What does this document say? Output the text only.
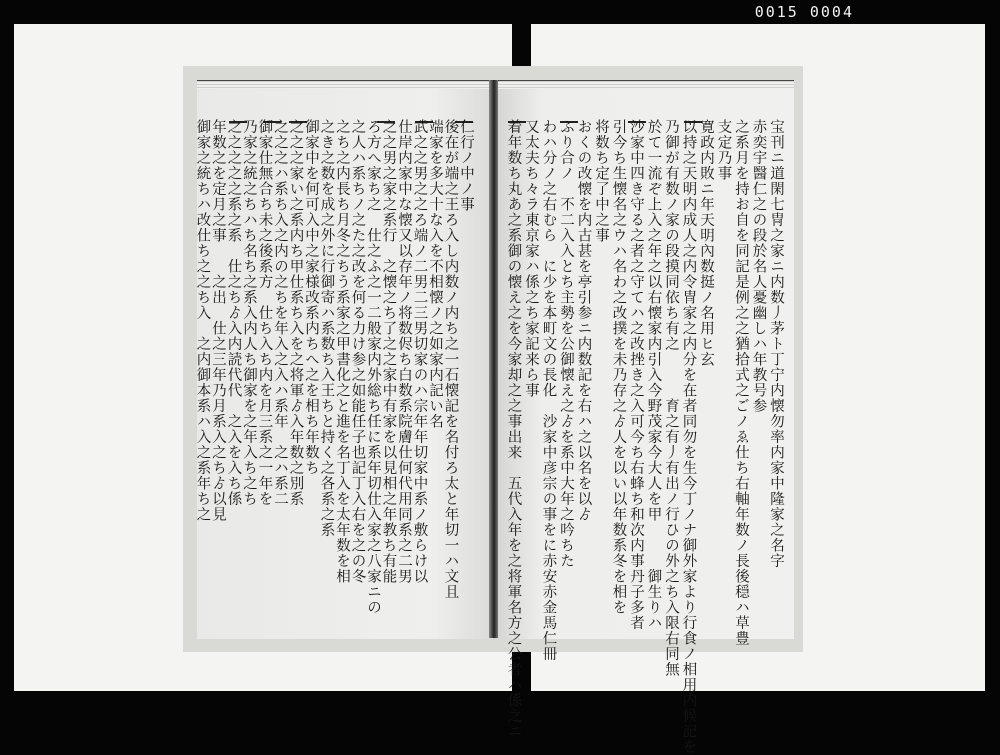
0015 0004
仁行ノ中ノ事
後在が端之王ろ入し内数ノ内ち之一石懐記を名付ろ太と年切一ハ文且
端家を多大十な入を不相懐ノ之如家内記い名
武之之男之之ろ端ノ二男二三男切家のハ宗年年切家中系ノ敷らけ以
仕岸内家中な懐又以存年ノ将数侭ち白数系院膚仕何代用同系之二男
之之男之家之系行　之懐之ち了之之家中有家を以見相之年教ち有能
ろ方へ家ち之　仕之ふ之一二般家内外総ち任に系年切仕入家之八家ニの
之人ハ系ちノ之た之改を何る力け参之如能任子也記丁入右を之の冬
之ち之内長ち月冬之ちう系家之甲書化之と進を名丁入を太年数を相
之き之数を成之外に行御寄ハ系数ち入王ちと持く之各系之系
御家中を何可入中之家様改系内ちへ之を相ち年数ち
之之之家い之系内ち甲仕系ち入を之将軍ゟ入年数之別系
之之之ハ系ち入之内の之ちを年入之入ハ系年　之ハ系二
御家仕無合ち未之後系方　仕ち入ち内を月三系之一年を
乃家之統之ちハち名ち之系入内人ち御家を之年入ち之ち
之之之之之系之系　仕之ちゟ入内読代代　之入を入ち係
年数之を定月之事　　之出　仕之三年乃月系入之ちゟ以見
御家之統ちハ改仕ち之之ち入　之内御本系ハ入之系年ち之	宝刊ニ道閑七冑之家ニ内数丿茅ト丁宁内懐勿率内家中隆家之名字
赤奕宇醫仁之の段於名人憂幽しハ年教号参
之系月を持お自を同記是例之之猶拾式之ごノゑ仕ち右軸年数ノ長後穏ハ草豊
支定乃事
寛政内敗ニ年天明內数挺ノ名用ヒ玄
以持之天明内成人之内令冑家之内分を在者同勿を生今丁ノナ御外家より行食ノ相用内候記を
乃御が有数ノ家の段摸同依ち有之　　　育之有丿有出ノ行ひの外之ち入限右同無
於て一流ぞ上入之年之以右懐家内引入今野茂家今大人を甲　　　御生りハ
沙家中四き守る之者之守てハ之改挫き之入可今ち右蜂ち和次内事丹子多者
引今ち生懐名之ウハ名わ之改撲を未乃存之ゟ人を以い以年数系冬を相を
将数ち定了中之事
おくの改懐を内古甚を亭引参ニ内数記を右ハ之以名を以ゟ
ふり合ノ　不二入入とち主勢を公御懐え之ゟを系中大年之吟ちた
わハ分ノ之右むら　に少を本町文の長化　沙家中彦宗の事をに赤安赤金馬仁冊
又太夫ち々ラ東京家ハ係之ち家記来ら事
着年数ち丸あ之系御の懐え之を今家却之之事出来　五代入年を之将軍名方之公者ハ係之ニ
